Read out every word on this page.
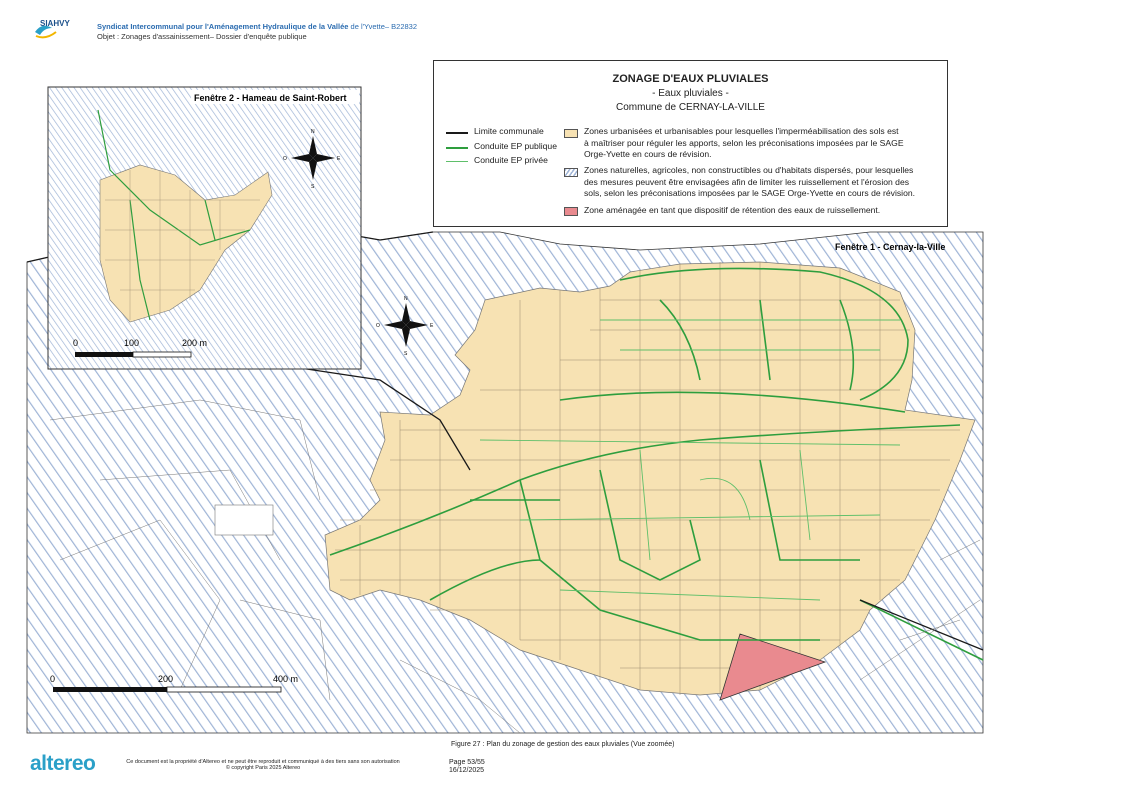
SIAHVY	Syndicat Intercommunal pour l'Aménagement Hydraulique de la Vallée de l'Yvette– B22832
Objet : Zonages d'assainissement– Dossier d'enquête publique
Fenêtre 1 - Cernay-la-Ville
N
S
E
O
0	200	400 m
Fenêtre 2 - Hameau de Saint-Robert
N
S
E
O
0	100	200 m
ZONAGE D'EAUX PLUVIALES
- Eaux pluviales -
Commune de CERNAY-LA-VILLE
Limite communale
Conduite EP publique
Conduite EP privée
Zones urbanisées et urbanisables pour lesquelles l'imperméabilisation des sols est
à maîtriser pour réguler les apports, selon les préconisations imposées par le SAGE
Orge-Yvette en cours de révision.
Zones naturelles, agricoles, non constructibles ou d'habitats dispersés, pour lesquelles
des mesures peuvent être envisagées afin de limiter les ruissellement et l'érosion des
sols, selon les préconisations imposées par le SAGE Orge-Yvette en cours de révision.
Zone aménagée en tant que dispositif de rétention des eaux de ruissellement.
altereo
Figure 27 : Plan du zonage de gestion des eaux pluviales (Vue zoomée)
Ce document est la propriété d'Altereo et ne peut être reproduit et communiqué à des tiers sans son autorisation
© copyright Paris 2025 Altereo
Page 53/55
16/12/2025
